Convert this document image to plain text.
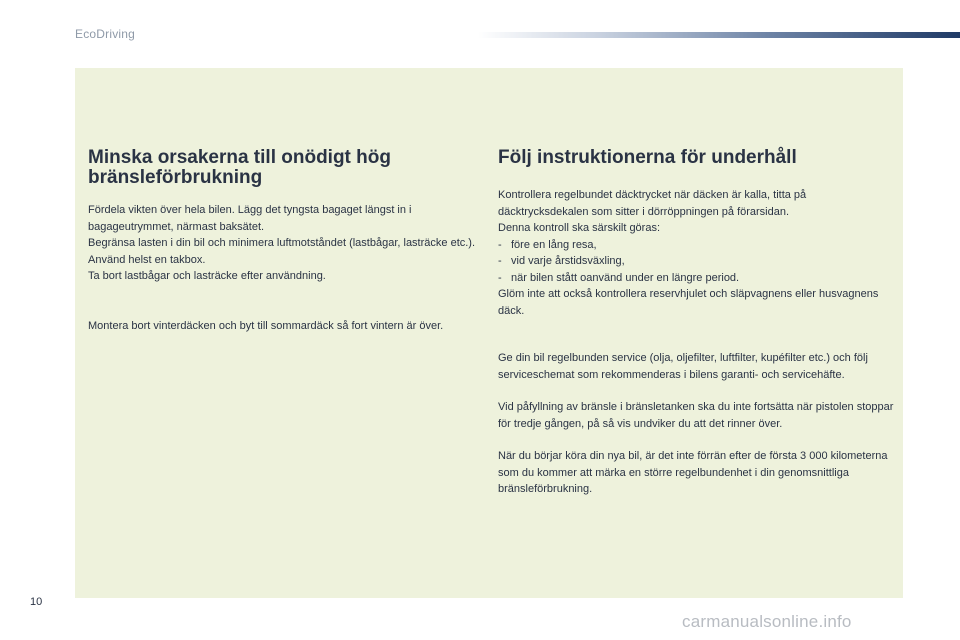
EcoDriving
Minska orsakerna till onödigt hög bränsleförbrukning

Fördela vikten över hela bilen. Lägg det tyngsta bagaget längst in i bagageutrymmet, närmast baksätet.

Begränsa lasten i din bil och minimera luftmotståndet (lastbågar, lasträcke etc.). Använd helst en takbox.

Ta bort lastbågar och lasträcke efter användning.

Montera bort vinterdäcken och byt till sommardäck så fort vintern är över.

Följ instruktionerna för underhåll

Kontrollera regelbundet däcktrycket när däcken är kalla, titta på däcktrycksdekalen som sitter i dörröppningen på förarsidan.

Denna kontroll ska särskilt göras:

- före en lång resa,
- vid varje årstidsväxling,
- när bilen stått oanvänd under en längre period.

Glöm inte att också kontrollera reservhjulet och släpvagnens eller husvagnens däck.

Ge din bil regelbunden service (olja, oljefilter, luftfilter, kupéfilter etc.) och följ serviceschemat som rekommenderas i bilens garanti- och servicehäfte.

Vid påfyllning av bränsle i bränsletanken ska du inte fortsätta när pistolen stoppar för tredje gången, på så vis undviker du att det rinner över.

När du börjar köra din nya bil, är det inte förrän efter de första 3 000 kilometerna som du kommer att märka en större regelbundenhet i din genomsnittliga bränsleförbrukning.

10
carmanualsonline.info
